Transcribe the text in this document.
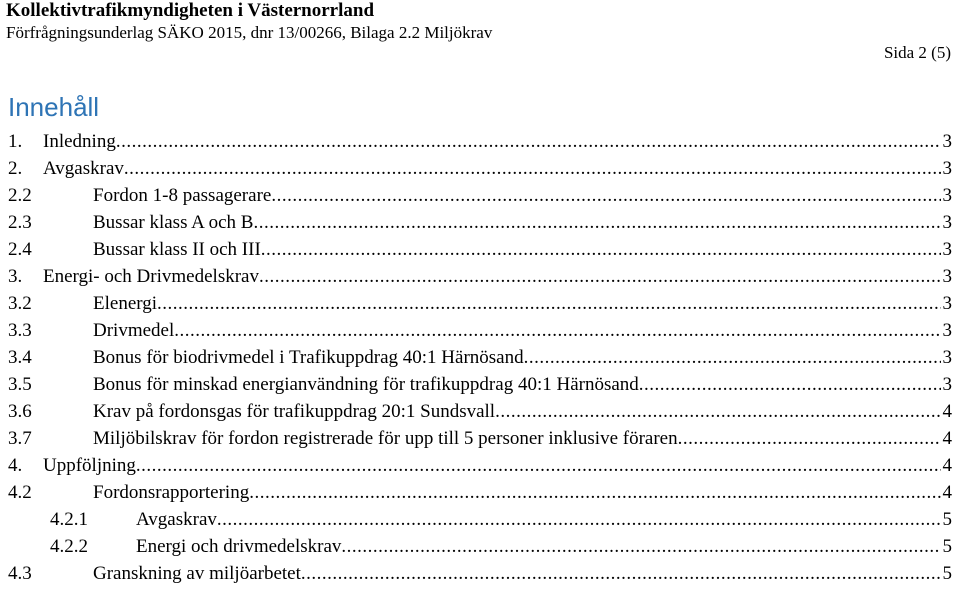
Kollektivtrafikmyndigheten i Västernorrland
Förfrågningsunderlag SÄKO 2015, dnr 13/00266, Bilaga 2.2 Miljökrav
Sida 2 (5)
Innehåll
1.	Inledning .....	3
2.	Avgaskrav .....	3
2.2	Fordon 1-8 passagerare .....	3
2.3	Bussar klass A och B .....	3
2.4	Bussar klass II och III .....	3
3.	Energi- och Drivmedelskrav .....	3
3.2	Elenergi .....	3
3.3	Drivmedel .....	3
3.4	Bonus för biodrivmedel i Trafikuppdrag 40:1 Härnösand .....	3
3.5	Bonus för minskad energianvändning för trafikuppdrag 40:1 Härnösand .....	3
3.6	Krav på fordonsgas för trafikuppdrag 20:1 Sundsvall .....	4
3.7	Miljöbilskrav för fordon registrerade för upp till 5 personer inklusive föraren .....	4
4.	Uppföljning .....	4
4.2	Fordonsrapportering .....	4
4.2.1	Avgaskrav .....	5
4.2.2	Energi och drivmedelskrav .....	5
4.3	Granskning av miljöarbetet .....	5
